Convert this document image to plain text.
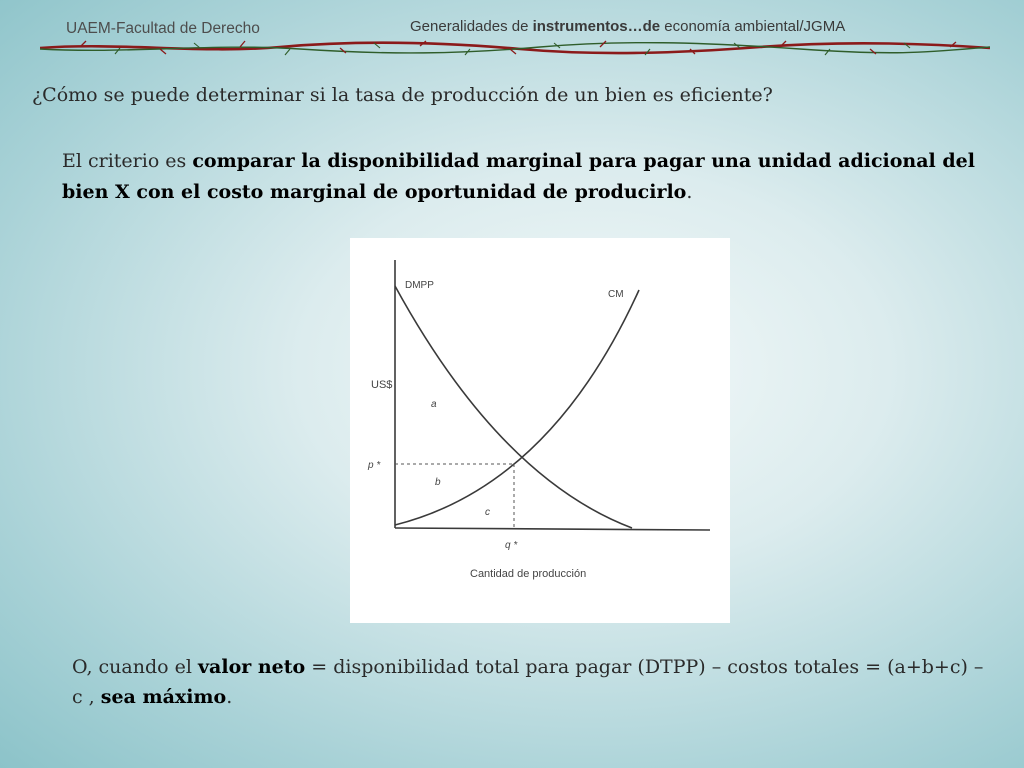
UAEM-Facultad de Derecho	Generalidades de instrumentos…de economía ambiental/JGMA
¿Cómo se puede determinar si la tasa de producción de un bien es eficiente?
El criterio es comparar la disponibilidad marginal para pagar una unidad adicional del bien X con el costo marginal de oportunidad de producirlo.
DMPP
CM
US$
p *
q *
a
b
c
Cantidad de producción
O, cuando el valor neto = disponibilidad total para pagar (DTPP) – costos totales = (a+b+c) – c , sea máximo.
